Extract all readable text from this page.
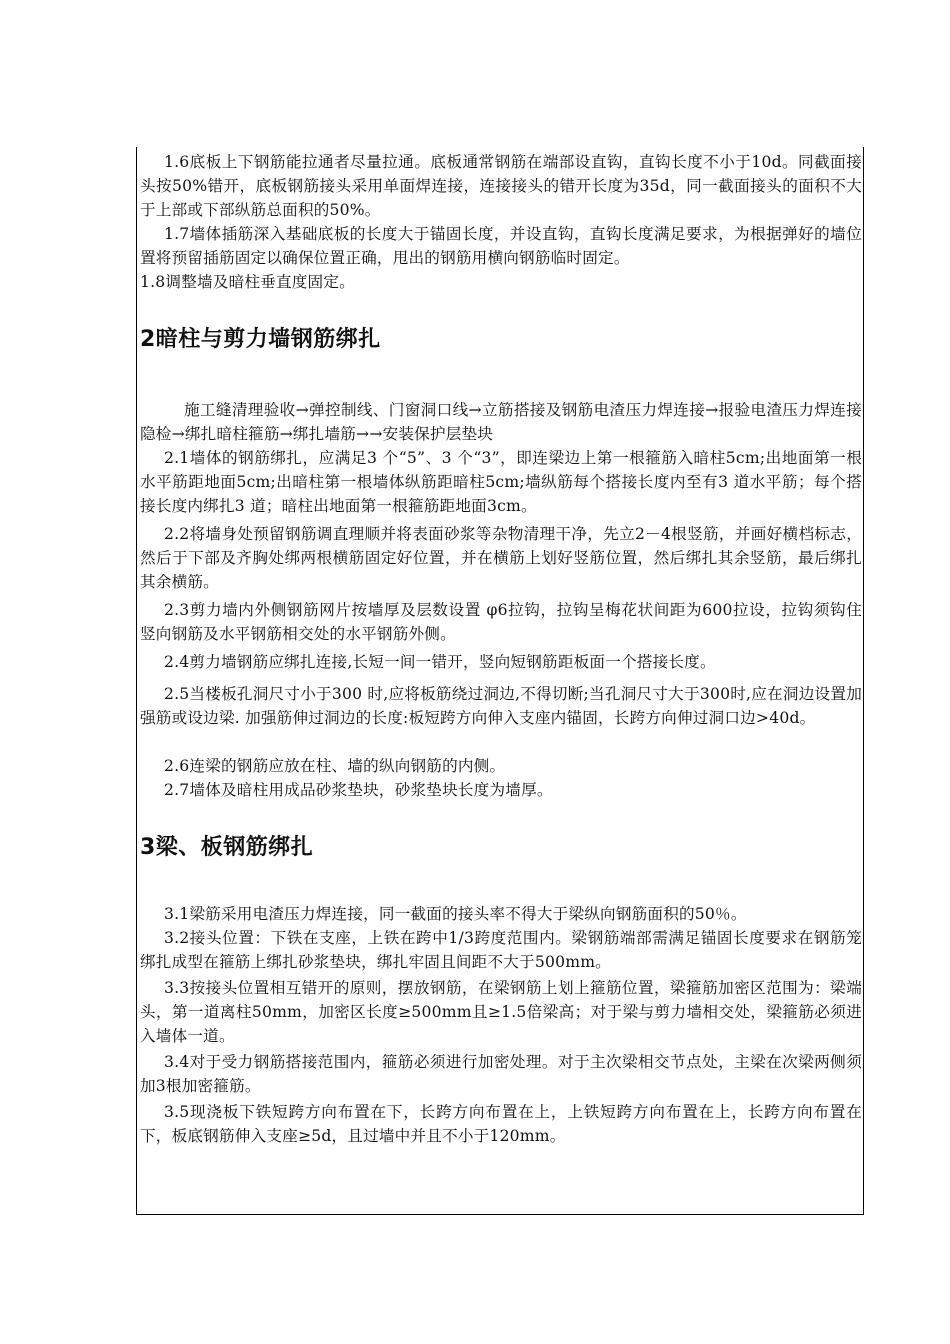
1.6底板上下钢筋能拉通者尽量拉通。底板通常钢筋在端部设直钩，直钩长度不小于10d。同截面接头按50%错开，底板钢筋接头采用单面焊连接，连接接头的错开长度为35d，同一截面接头的面积不大于上部或下部纵筋总面积的50%。

1.7墙体插筋深入基础底板的长度大于锚固长度，并设直钩，直钩长度满足要求，为根据弹好的墙位置将预留插筋固定以确保位置正确，甩出的钢筋用横向钢筋临时固定。

1.8调整墙及暗柱垂直度固定。

2暗柱与剪力墙钢筋绑扎

施工缝清理验收→弹控制线、门窗洞口线→立筋搭接及钢筋电渣压力焊连接→报验电渣压力焊连接隐检→绑扎暗柱箍筋→绑扎墙筋→→安装保护层垫块

2.1墙体的钢筋绑扎，应满足3 个“5”、3 个“3”，即连梁边上第一根箍筋入暗柱5cm;出地面第一根水平筋距地面5cm;出暗柱第一根墙体纵筋距暗柱5cm;墙纵筋每个搭接长度内至有3 道水平筋；每个搭接长度内绑扎3 道；暗柱出地面第一根箍筋距地面3cm。

2.2将墙身处预留钢筋调直理顺并将表面砂浆等杂物清理干净，先立2－4根竖筋，并画好横档标志，然后于下部及齐胸处绑两根横筋固定好位置，并在横筋上划好竖筋位置，然后绑扎其余竖筋，最后绑扎其余横筋。

2.3剪力墙内外侧钢筋网片按墙厚及层数设置 φ6拉钩，拉钩呈梅花状间距为600拉设，拉钩须钩住竖向钢筋及水平钢筋相交处的水平钢筋外侧。

2.4剪力墙钢筋应绑扎连接,长短一间一错开，竖向短钢筋距板面一个搭接长度。

2.5当楼板孔洞尺寸小于300 时,应将板筋绕过洞边,不得切断;当孔洞尺寸大于300时,应在洞边设置加强筋或设边梁. 加强筋伸过洞边的长度:板短跨方向伸入支座内锚固，长跨方向伸过洞口边>40d。

2.6连梁的钢筋应放在柱、墙的纵向钢筋的内侧。

2.7墙体及暗柱用成品砂浆垫块，砂浆垫块长度为墙厚。

3梁、板钢筋绑扎

3.1梁筋采用电渣压力焊连接，同一截面的接头率不得大于梁纵向钢筋面积的50％。

3.2接头位置：下铁在支座，上铁在跨中1/3跨度范围内。梁钢筋端部需满足锚固长度要求在钢筋笼绑扎成型在箍筋上绑扎砂浆垫块，绑扎牢固且间距不大于500mm。

3.3按接头位置相互错开的原则，摆放钢筋，在梁钢筋上划上箍筋位置，梁箍筋加密区范围为：梁端头，第一道离柱50mm，加密区长度≥500mm且≥1.5倍梁高；对于梁与剪力墙相交处，梁箍筋必须进入墙体一道。

3.4对于受力钢筋搭接范围内，箍筋必须进行加密处理。对于主次梁相交节点处，主梁在次梁两侧须加3根加密箍筋。

3.5现浇板下铁短跨方向布置在下，长跨方向布置在上，上铁短跨方向布置在上，长跨方向布置在下，板底钢筋伸入支座≥5d，且过墙中并且不小于120mm。
